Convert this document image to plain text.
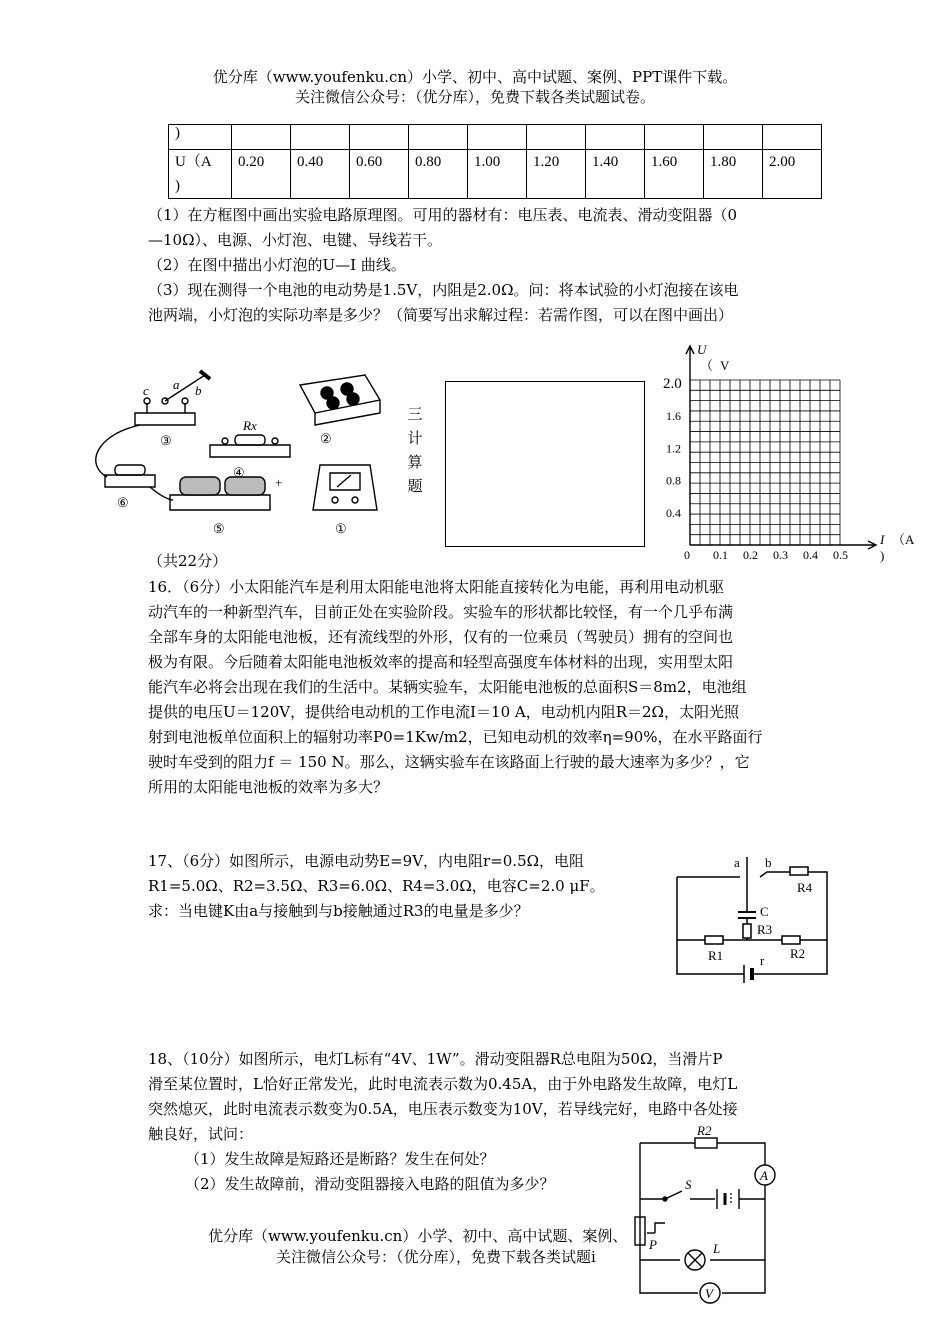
优分库（www.youfenku.cn）小学、初中、高中试题、案例、PPT课件下载。
关注微信公众号：（优分库），免费下载各类试题试卷。
)										
U（A
)	0.20	0.40	0.60	0.80	1.00	1.20	1.40	1.60	1.80	2.00
（1）在方框图中画出实验电路原理图。可用的器材有：电压表、电流表、滑动变阻器（0
—10Ω）、电源、小灯泡、电键、导线若干。
（2）在图中描出小灯泡的U—I 曲线。
（3）现在测得一个电池的电动势是1.5V，内阻是2.0Ω。问：将本试验的小灯泡接在该电
池两端，小灯泡的实际功率是多少？（简要写出求解过程：若需作图，可以在图中画出）
c a b
Rx
③	②
④
⑥
⑤	①
+
三
计
算
题
2.0
1.6
1.2
0.8
0.4
0 0.1 0.2 0.3 0.4 0.5
U
（ V
I （A
)
（共22分）
16．（6分）小太阳能汽车是利用太阳能电池将太阳能直接转化为电能，再利用电动机驱
动汽车的一种新型汽车，目前正处在实验阶段。实验车的形状都比较怪，有一个几乎布满
全部车身的太阳能电池板，还有流线型的外形，仅有的一位乘员（驾驶员）拥有的空间也
极为有限。今后随着太阳能电池板效率的提高和轻型高强度车体材料的出现，实用型太阳
能汽车必将会出现在我们的生活中。某辆实验车，太阳能电池板的总面积S＝8m2，电池组
提供的电压U＝120V，提供给电动机的工作电流I＝10 A，电动机内阻R＝2Ω，太阳光照
射到电池板单位面积上的辐射功率P0=1Kw/m2，已知电动机的效率η=90%，在水平路面行
驶时车受到的阻力f ＝ 150 N。那么，这辆实验车在该路面上行驶的最大速率为多少？，它
所用的太阳能电池板的效率为多大？
17、（6分）如图所示，电源电动势E=9V，内电阻r=0.5Ω，电阻
R1=5.0Ω、R2=3.5Ω、R3=6.0Ω、R4=3.0Ω，电容C=2.0 μF。
求：当电键K由a与接触到与b接触通过R3的电量是多少？
a b
C
R3
R4
R1	R2
r
18、（10分）如图所示，电灯L标有“4V、1W”。滑动变阻器R总电阻为50Ω，当滑片P
滑至某位置时，L恰好正常发光，此时电流表示数为0.45A，由于外电路发生故障，电灯L
突然熄灭，此时电流表示数变为0.5A，电压表示数变为10V，若导线完好，电路中各处接
触良好，试问：
（1）发生故障是短路还是断路？发生在何处？
（2）发生故障前，滑动变阻器接入电路的阻值为多少？
R2
A
S
P	L
V
优分库（www.youfenku.cn）小学、初中、高中试题、案例、
关注微信公众号：（优分库），免费下载各类试题i
